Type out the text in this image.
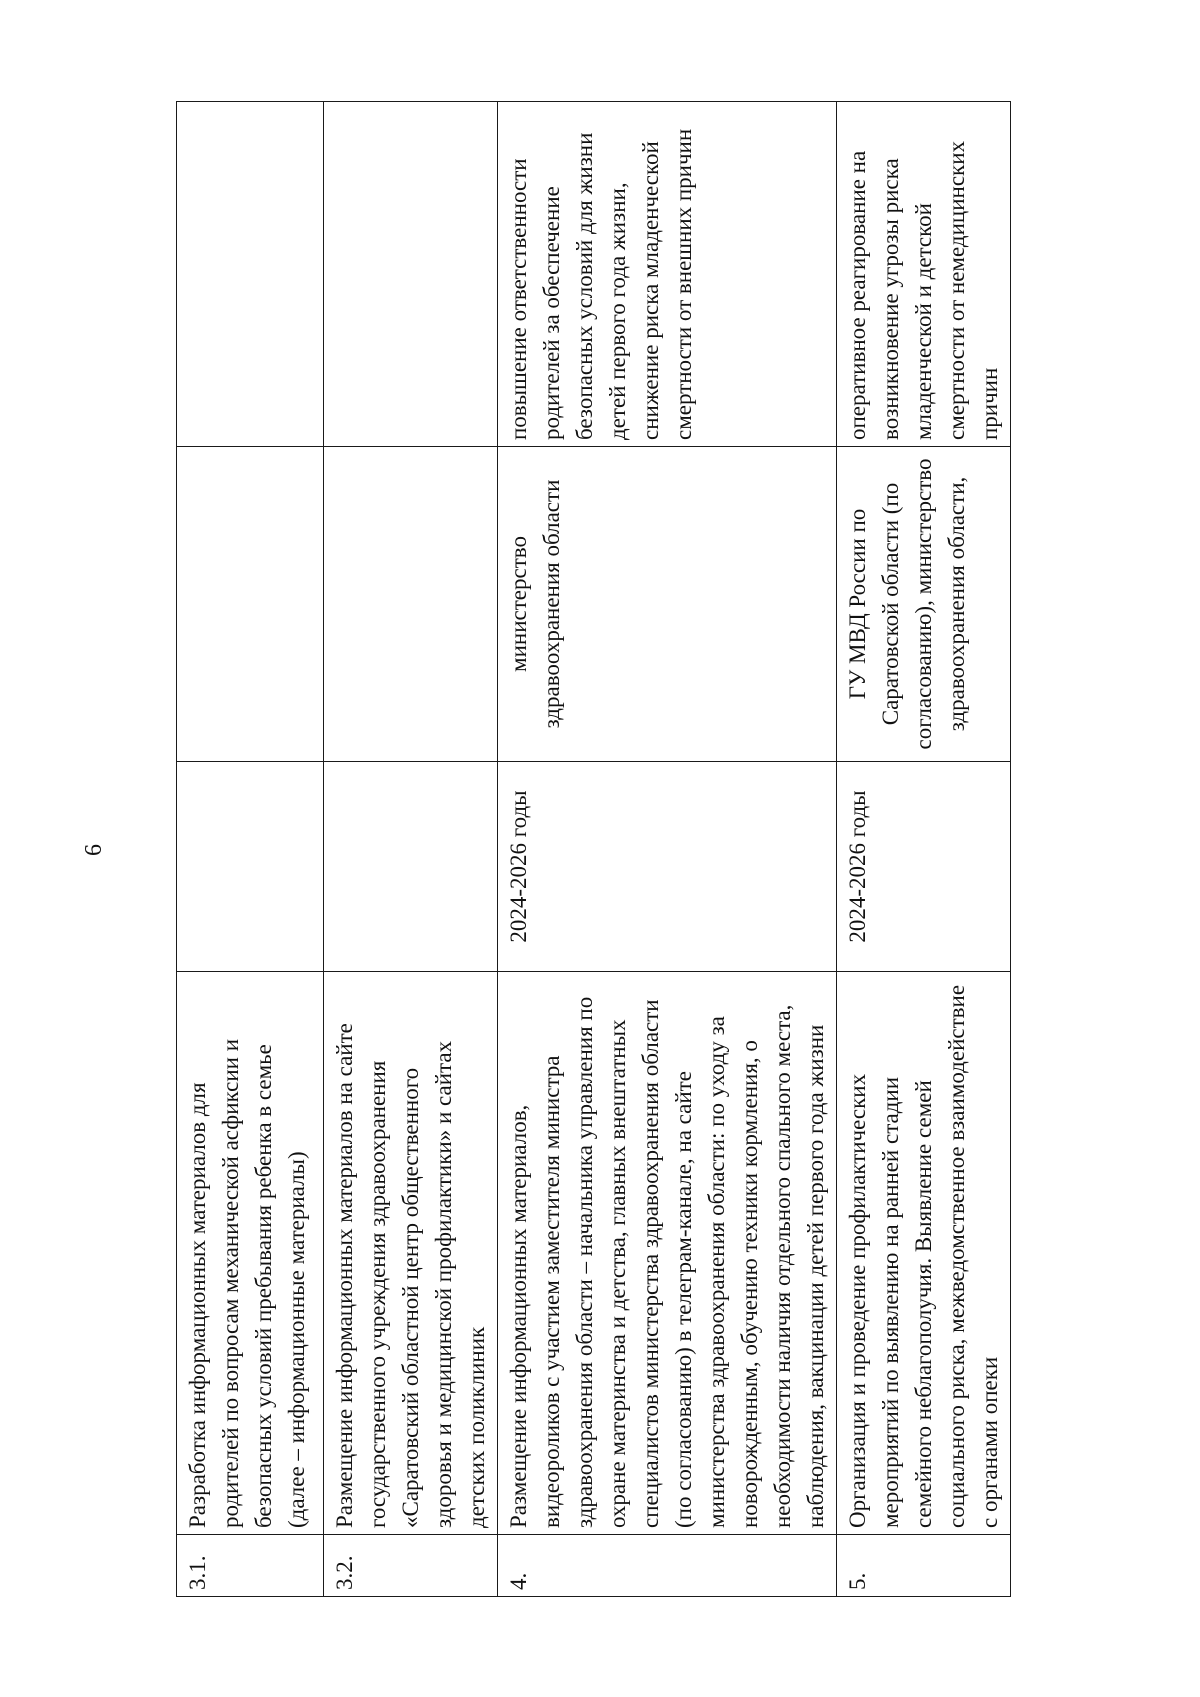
6
3.1.	Разработка информационных материалов для родителей по вопросам механической асфиксии и безопасных условий пребывания ребенка в семье (далее – информационные материалы)			
3.2.	Размещение информационных материалов на сайте государственного учреждения здравоохранения «Саратовский областной центр общественного здоровья и медицинской профилактики» и сайтах детских поликлиник			
4.	Размещение информационных материалов, видеороликов с участием заместителя министра здравоохранения области – начальника управления по охране материнства и детства, главных внештатных специалистов министерства здравоохранения области (по согласованию) в телеграм-канале, на сайте министерства здравоохранения области: по уходу за новорожденным, обучению техники кормления, о необходимости наличия отдельного спального места, наблюдения, вакцинации детей первого года жизни	2024-2026 годы	министерство здравоохранения области	повышение ответственности родителей за обеспечение безопасных условий для жизни детей первого года жизни, снижение риска младенческой смертности от внешних причин
5.	Организация и проведение профилактических мероприятий по выявлению на ранней стадии семейного неблагополучия. Выявление семей социального риска, межведомственное взаимодействие с органами опеки	2024-2026 годы	ГУ МВД России по Саратовской области (по согласованию), министерство здравоохранения области,	оперативное реагирование на возникновение угрозы риска младенческой и детской смертности от немедицинских причин
